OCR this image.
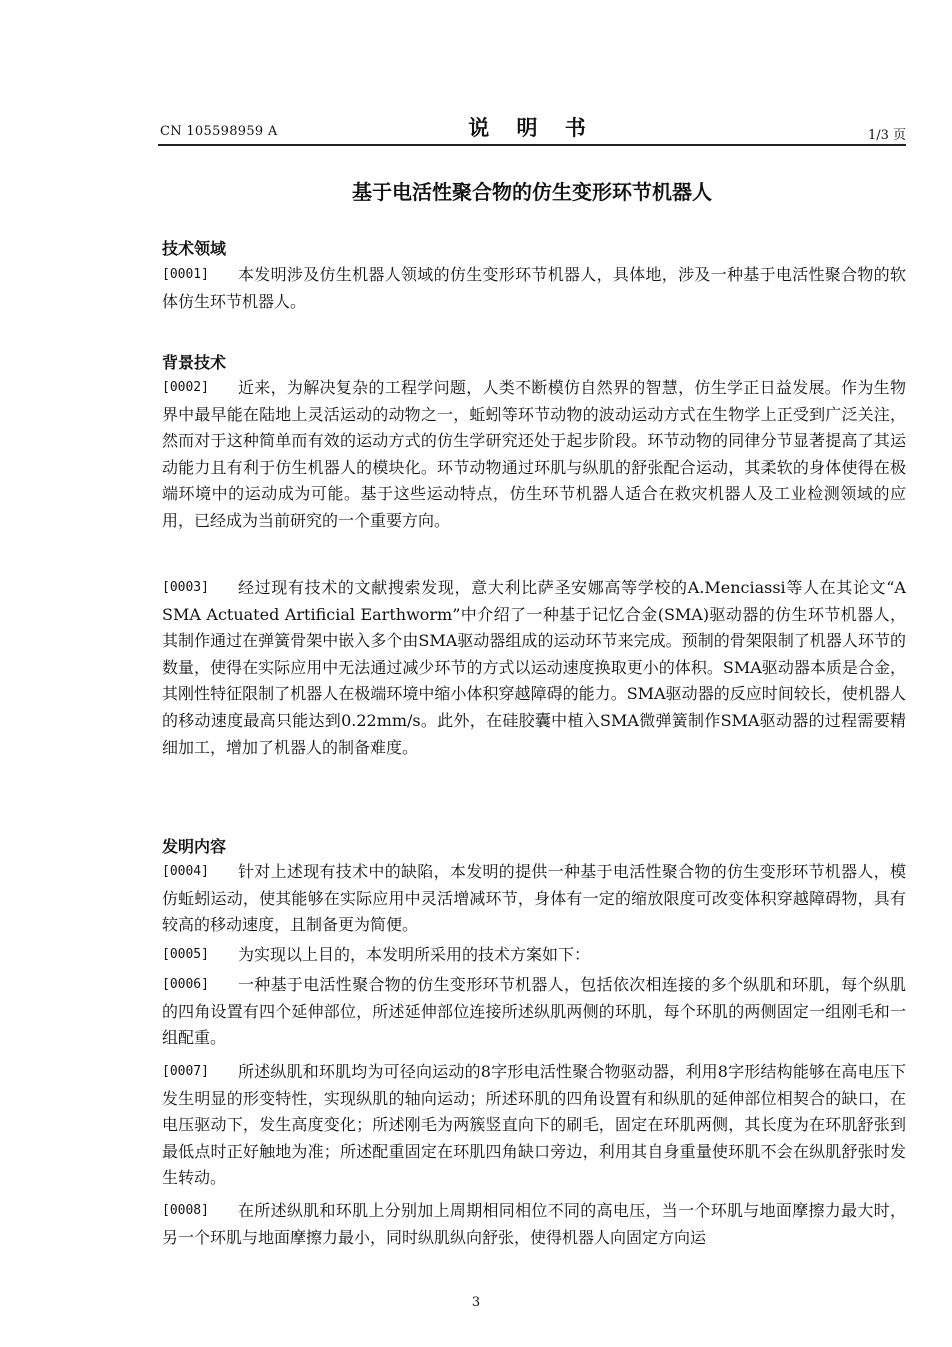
CN 105598959 A	说 明 书	1/3 页
基于电活性聚合物的仿生变形环节机器人
技术领域
[0001] 本发明涉及仿生机器人领域的仿生变形环节机器人，具体地，涉及一种基于电活性聚合物的软体仿生环节机器人。
背景技术
[0002] 近来，为解决复杂的工程学问题，人类不断模仿自然界的智慧，仿生学正日益发展。作为生物界中最早能在陆地上灵活运动的动物之一，蚯蚓等环节动物的波动运动方式在生物学上正受到广泛关注，然而对于这种简单而有效的运动方式的仿生学研究还处于起步阶段。环节动物的同律分节显著提高了其运动能力且有利于仿生机器人的模块化。环节动物通过环肌与纵肌的舒张配合运动，其柔软的身体使得在极端环境中的运动成为可能。基于这些运动特点，仿生环节机器人适合在救灾机器人及工业检测领域的应用，已经成为当前研究的一个重要方向。
[0003] 经过现有技术的文献搜索发现，意大利比萨圣安娜高等学校的A.Menciassi等人在其论文“A SMA Actuated Artificial Earthworm”中介绍了一种基于记忆合金(SMA)驱动器的仿生环节机器人，其制作通过在弹簧骨架中嵌入多个由SMA驱动器组成的运动环节来完成。预制的骨架限制了机器人环节的数量，使得在实际应用中无法通过减少环节的方式以运动速度换取更小的体积。SMA驱动器本质是合金，其刚性特征限制了机器人在极端环境中缩小体积穿越障碍的能力。SMA驱动器的反应时间较长，使机器人的移动速度最高只能达到0.22mm/s。此外，在硅胶囊中植入SMA微弹簧制作SMA驱动器的过程需要精细加工，增加了机器人的制备难度。
发明内容
[0004] 针对上述现有技术中的缺陷，本发明的提供一种基于电活性聚合物的仿生变形环节机器人，模仿蚯蚓运动，使其能够在实际应用中灵活增减环节，身体有一定的缩放限度可改变体积穿越障碍物，具有较高的移动速度，且制备更为简便。
[0005] 为实现以上目的，本发明所采用的技术方案如下：
[0006] 一种基于电活性聚合物的仿生变形环节机器人，包括依次相连接的多个纵肌和环肌，每个纵肌的四角设置有四个延伸部位，所述延伸部位连接所述纵肌两侧的环肌，每个环肌的两侧固定一组刚毛和一组配重。
[0007] 所述纵肌和环肌均为可径向运动的8字形电活性聚合物驱动器，利用8字形结构能够在高电压下发生明显的形变特性，实现纵肌的轴向运动；所述环肌的四角设置有和纵肌的延伸部位相契合的缺口，在电压驱动下，发生高度变化；所述刚毛为两簇竖直向下的刷毛，固定在环肌两侧，其长度为在环肌舒张到最低点时正好触地为准；所述配重固定在环肌四角缺口旁边，利用其自身重量使环肌不会在纵肌舒张时发生转动。
[0008] 在所述纵肌和环肌上分别加上周期相同相位不同的高电压，当一个环肌与地面摩擦力最大时，另一个环肌与地面摩擦力最小，同时纵肌纵向舒张，使得机器人向固定方向运
3
